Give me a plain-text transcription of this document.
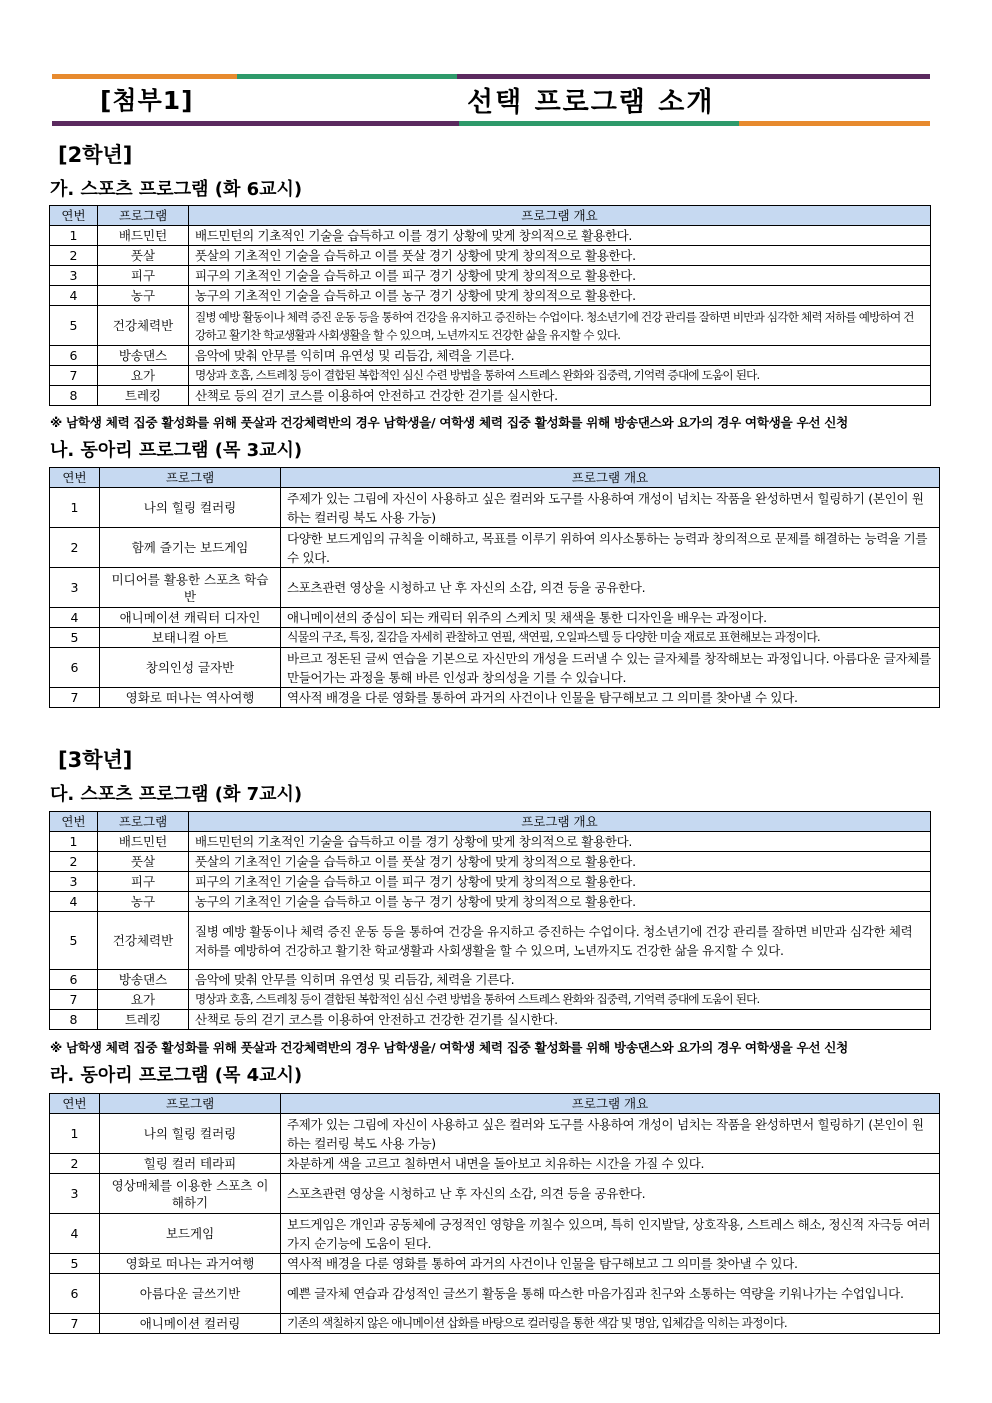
[첨부1]	선택 프로그램 소개
[2학년]
가. 스포츠 프로그램 (화 6교시)
연번	프로그램	프로그램 개요
1	배드민턴	배드민턴의 기초적인 기술을 습득하고 이를 경기 상황에 맞게 창의적으로 활용한다.
2	풋살	풋살의 기초적인 기술을 습득하고 이를 풋살 경기 상황에 맞게 창의적으로 활용한다.
3	피구	피구의 기초적인 기술을 습득하고 이를 피구 경기 상황에 맞게 창의적으로 활용한다.
4	농구	농구의 기초적인 기술을 습득하고 이를 농구 경기 상황에 맞게 창의적으로 활용한다.
5	건강체력반	질병 예방 활동이나 체력 증진 운동 등을 통하여 건강을 유지하고 증진하는 수업이다. 청소년기에 건강 관리를 잘하면 비만과 심각한 체력 저하를 예방하여 건강하고 활기찬 학교생활과 사회생활을 할 수 있으며, 노년까지도 건강한 삶을 유지할 수 있다.
6	방송댄스	음악에 맞춰 안무를 익히며 유연성 및 리듬감, 체력을 기른다.
7	요가	명상과 호흡, 스트레칭 등이 결합된 복합적인 심신 수련 방법을 통하여 스트레스 완화와 집중력, 기억력 증대에 도움이 된다.
8	트레킹	산책로 등의 걷기 코스를 이용하여 안전하고 건강한 걷기를 실시한다.
※ 남학생 체력 집중 활성화를 위해 풋살과 건강체력반의 경우 남학생을/ 여학생 체력 집중 활성화를 위해 방송댄스와 요가의 경우 여학생을 우선 신청
나. 동아리 프로그램 (목 3교시)
연번	프로그램	프로그램 개요
1	나의 힐링 컬러링	주제가 있는 그림에 자신이 사용하고 싶은 컬러와 도구를 사용하여 개성이 넘치는 작품을 완성하면서 힐링하기 (본인이 원하는 컬러링 북도 사용 가능)
2	함께 즐기는 보드게임	다양한 보드게임의 규칙을 이해하고, 목표를 이루기 위하여 의사소통하는 능력과 창의적으로 문제를 해결하는 능력을 기를 수 있다.
3	미디어를 활용한 스포츠 학습반	스포츠관련 영상을 시청하고 난 후 자신의 소감, 의견 등을 공유한다.
4	애니메이션 캐릭터 디자인	애니메이션의 중심이 되는 캐릭터 위주의 스케치 및 채색을 통한 디자인을 배우는 과정이다.
5	보태니컬 아트	식물의 구조, 특징, 질감을 자세히 관찰하고 연필, 색연필, 오일파스텔 등 다양한 미술 재료로 표현해보는 과정이다.
6	창의인성 글자반	바르고 정돈된 글씨 연습을 기본으로 자신만의 개성을 드러낼 수 있는 글자체를 창작해보는 과정입니다. 아름다운 글자체를 만들어가는 과정을 통해 바른 인성과 창의성을 기를 수 있습니다.
7	영화로 떠나는 역사여행	역사적 배경을 다룬 영화를 통하여 과거의 사건이나 인물을 탐구해보고 그 의미를 찾아낼 수 있다.
[3학년]
다. 스포츠 프로그램 (화 7교시)
연번	프로그램	프로그램 개요
1	배드민턴	배드민턴의 기초적인 기술을 습득하고 이를 경기 상황에 맞게 창의적으로 활용한다.
2	풋살	풋살의 기초적인 기술을 습득하고 이를 풋살 경기 상황에 맞게 창의적으로 활용한다.
3	피구	피구의 기초적인 기술을 습득하고 이를 피구 경기 상황에 맞게 창의적으로 활용한다.
4	농구	농구의 기초적인 기술을 습득하고 이를 농구 경기 상황에 맞게 창의적으로 활용한다.
5	건강체력반	질병 예방 활동이나 체력 증진 운동 등을 통하여 건강을 유지하고 증진하는 수업이다. 청소년기에 건강 관리를 잘하면 비만과 심각한 체력 저하를 예방하여 건강하고 활기찬 학교생활과 사회생활을 할 수 있으며, 노년까지도 건강한 삶을 유지할 수 있다.
6	방송댄스	음악에 맞춰 안무를 익히며 유연성 및 리듬감, 체력을 기른다.
7	요가	명상과 호흡, 스트레칭 등이 결합된 복합적인 심신 수련 방법을 통하여 스트레스 완화와 집중력, 기억력 증대에 도움이 된다.
8	트레킹	산책로 등의 걷기 코스를 이용하여 안전하고 건강한 걷기를 실시한다.
※ 남학생 체력 집중 활성화를 위해 풋살과 건강체력반의 경우 남학생을/ 여학생 체력 집중 활성화를 위해 방송댄스와 요가의 경우 여학생을 우선 신청
라. 동아리 프로그램 (목 4교시)
연번	프로그램	프로그램 개요
1	나의 힐링 컬러링	주제가 있는 그림에 자신이 사용하고 싶은 컬러와 도구를 사용하여 개성이 넘치는 작품을 완성하면서 힐링하기 (본인이 원하는 컬러링 북도 사용 가능)
2	힐링 컬러 테라피	차분하게 색을 고르고 칠하면서 내면을 돌아보고 치유하는 시간을 가질 수 있다.
3	영상매체를 이용한 스포츠 이해하기	스포츠관련 영상을 시청하고 난 후 자신의 소감, 의견 등을 공유한다.
4	보드게임	보드게임은 개인과 공동체에 긍정적인 영향을 끼칠수 있으며, 특히 인지발달, 상호작용, 스트레스 해소, 정신적 자극등 여러 가지 순기능에 도움이 된다.
5	영화로 떠나는 과거여행	역사적 배경을 다룬 영화를 통하여 과거의 사건이나 인물을 탐구해보고 그 의미를 찾아낼 수 있다.
6	아름다운 글쓰기반	예쁜 글자체 연습과 감성적인 글쓰기 활동을 통해 따스한 마음가짐과 친구와 소통하는 역량을 키워나가는 수업입니다.
7	애니메이션 컬러링	기존의 색칠하지 않은 애니메이션 삽화를 바탕으로 컬러링을 통한 색감 및 명암, 입체감을 익히는 과정이다.
